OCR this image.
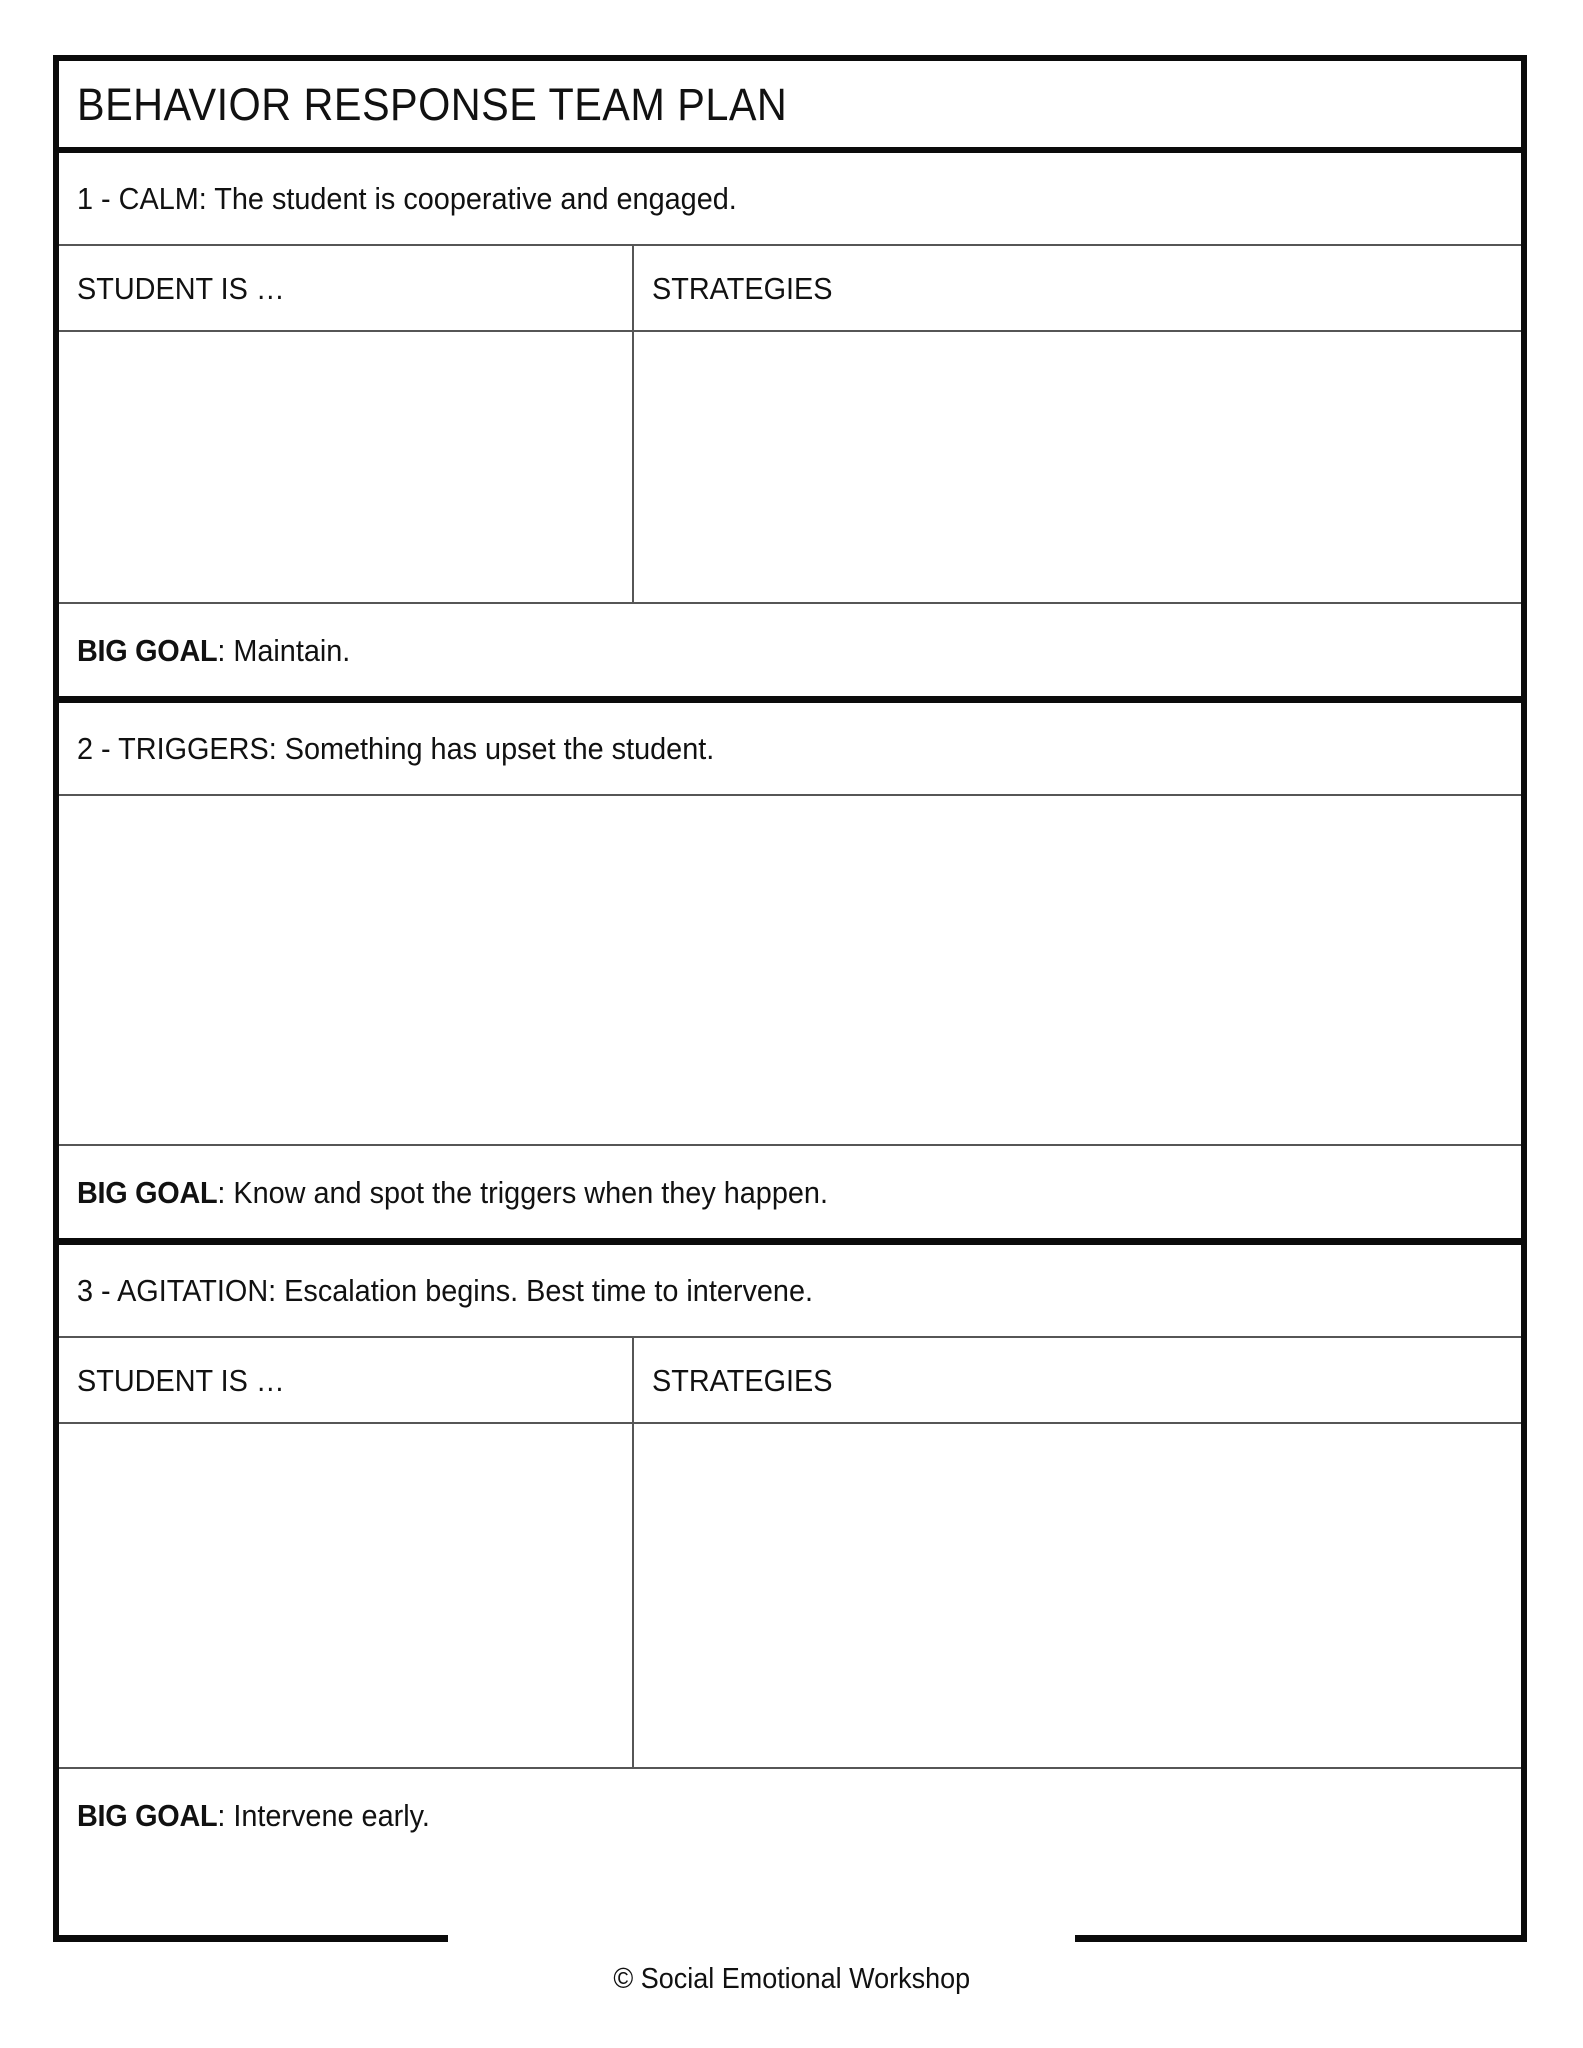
BEHAVIOR RESPONSE TEAM PLAN
1 - CALM: The student is cooperative and engaged.
STUDENT IS …	STRATEGIES
BIG GOAL: Maintain.
2 - TRIGGERS: Something has upset the student.
BIG GOAL: Know and spot the triggers when they happen.
3 - AGITATION: Escalation begins. Best time to intervene.
STUDENT IS …	STRATEGIES
BIG GOAL: Intervene early.
© Social Emotional Workshop
